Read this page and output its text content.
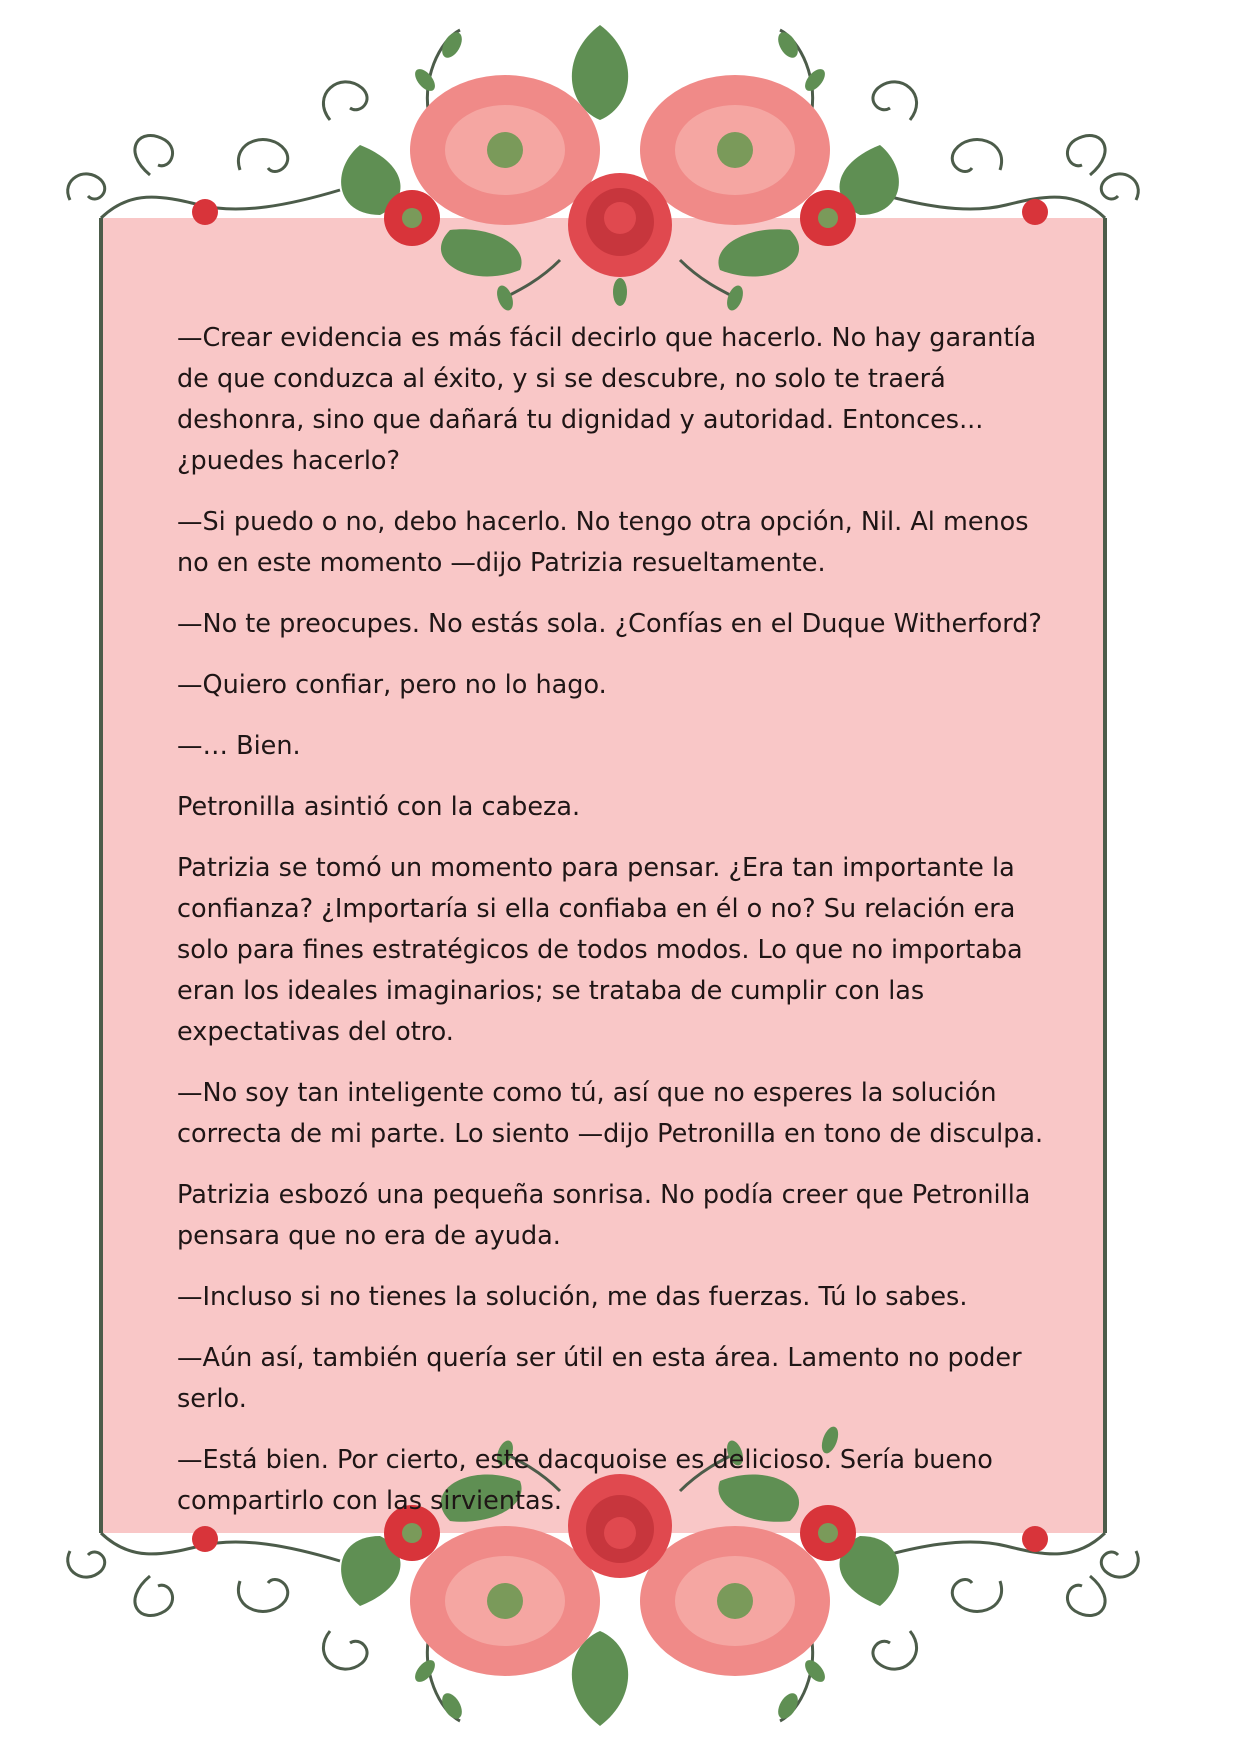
—Crear evidencia es más fácil decirlo que hacerlo. No hay garantía de que conduzca al éxito, y si se descubre, no solo te traerá deshonra, sino que dañará tu dignidad y autoridad. Entonces... ¿puedes hacerlo?

—Si puedo o no, debo hacerlo. No tengo otra opción, Nil. Al menos no en este momento —dijo Patrizia resueltamente.

—No te preocupes. No estás sola. ¿Confías en el Duque Witherford?

—Quiero confiar, pero no lo hago.

—… Bien.

Petronilla asintió con la cabeza.

Patrizia se tomó un momento para pensar. ¿Era tan importante la confianza? ¿Importaría si ella confiaba en él o no? Su relación era solo para fines estratégicos de todos modos. Lo que no importaba eran los ideales imaginarios; se trataba de cumplir con las expectativas del otro.

—No soy tan inteligente como tú, así que no esperes la solución correcta de mi parte. Lo siento —dijo Petronilla en tono de disculpa.

Patrizia esbozó una pequeña sonrisa. No podía creer que Petronilla pensara que no era de ayuda.

—Incluso si no tienes la solución, me das fuerzas. Tú lo sabes.

—Aún así, también quería ser útil en esta área. Lamento no poder serlo.

—Está bien. Por cierto, este dacquoise es delicioso. Sería bueno compartirlo con las sirvientas.
